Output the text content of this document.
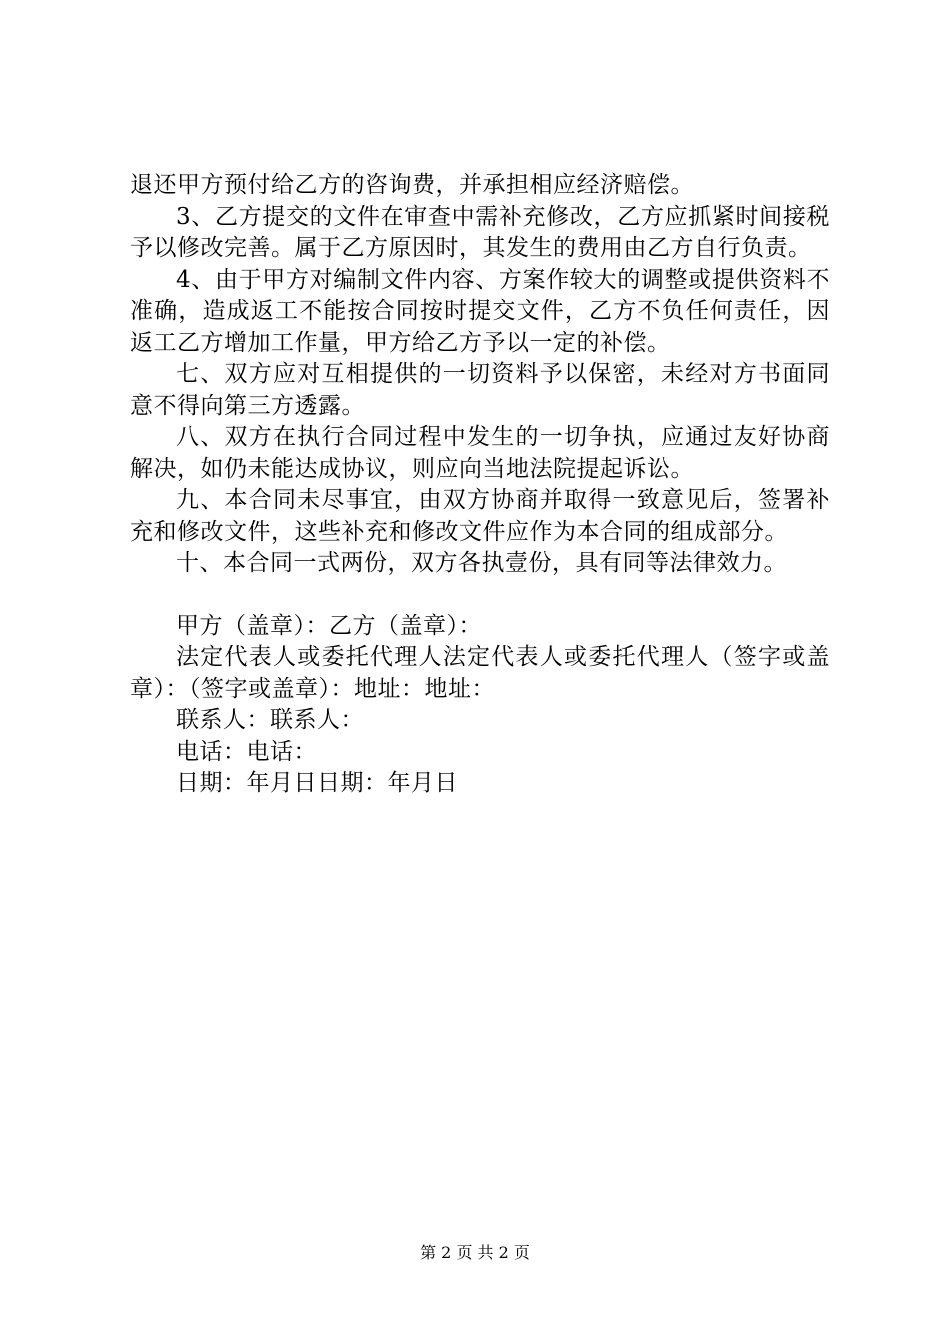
退还甲方预付给乙方的咨询费，并承担相应经济赔偿。

3、乙方提交的文件在审查中需补充修改，乙方应抓紧时间接税予以修改完善。属于乙方原因时，其发生的费用由乙方自行负责。

4、由于甲方对编制文件内容、方案作较大的调整或提供资料不准确，造成返工不能按合同按时提交文件，乙方不负任何责任，因返工乙方增加工作量，甲方给乙方予以一定的补偿。

七、双方应对互相提供的一切资料予以保密，未经对方书面同意不得向第三方透露。

八、双方在执行合同过程中发生的一切争执，应通过友好协商解决，如仍未能达成协议，则应向当地法院提起诉讼。

九、本合同未尽事宜，由双方协商并取得一致意见后，签署补充和修改文件，这些补充和修改文件应作为本合同的组成部分。

十、本合同一式两份，双方各执壹份，具有同等法律效力。

甲方（盖章）：乙方（盖章）：

法定代表人或委托代理人法定代表人或委托代理人（签字或盖章）：（签字或盖章）：地址：地址：

联系人：联系人：

电话：电话：

日期：年月日日期：年月日

第 2 页 共 2 页
